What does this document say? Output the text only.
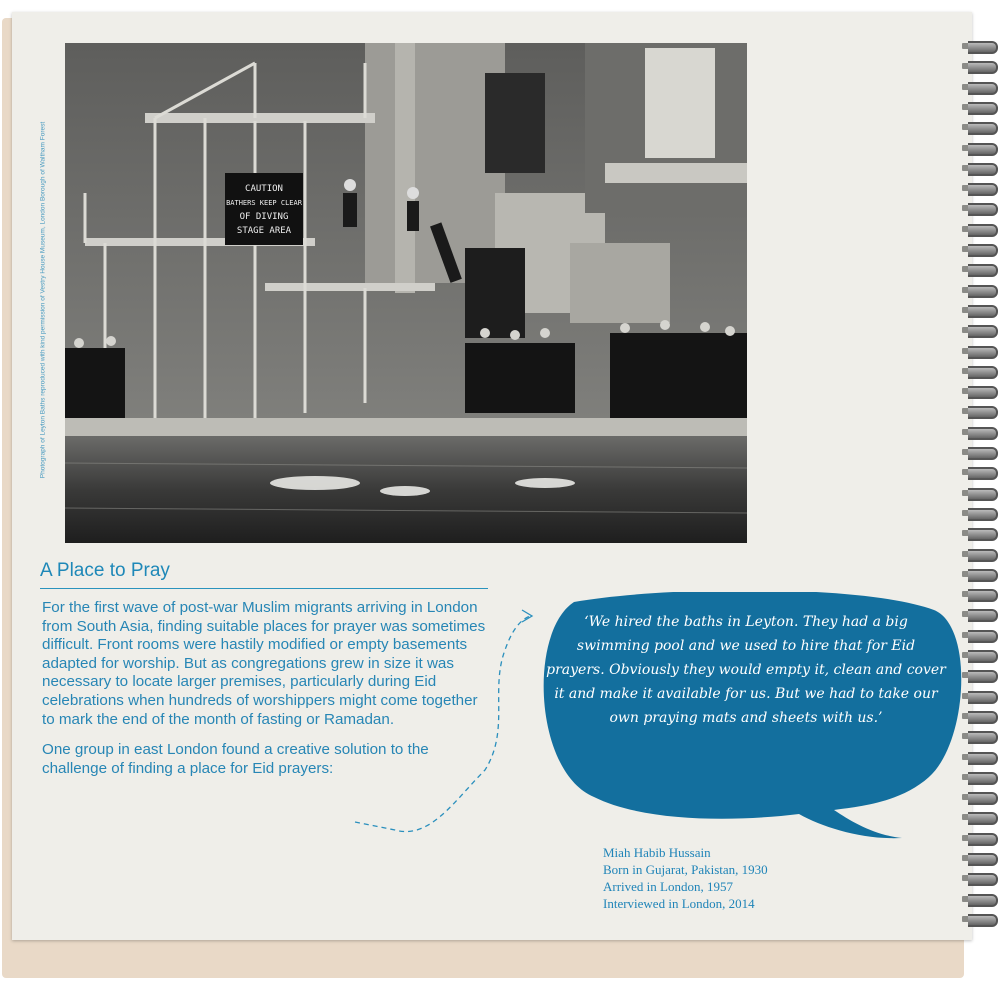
CAUTION
BATHERS KEEP CLEAR
OF DIVING
STAGE AREA
Photograph of Leyton Baths reproduced with kind permission of Vestry House Museum, London Borough of Waltham Forest
A Place to Pray

For the first wave of post-war Muslim migrants arriving in London from South Asia, finding suitable places for prayer was sometimes difficult. Front rooms were hastily modified or empty basements adapted for worship. But as congregations grew in size it was necessary to locate larger premises, particularly during Eid celebrations when hundreds of worshippers might come together to mark the end of the month of fasting or Ramadan.

One group in east London found a creative solution to the challenge of finding a place for Eid prayers:

‘We hired the baths in Leyton. They had a big swimming pool and we used to hire that for Eid prayers. Obviously they would empty it, clean and cover it and make it available for us. But we had to take our own praying mats and sheets with us.’
Miah Habib Hussain
Born in Gujarat, Pakistan, 1930
Arrived in London, 1957
Interviewed in London, 2014
